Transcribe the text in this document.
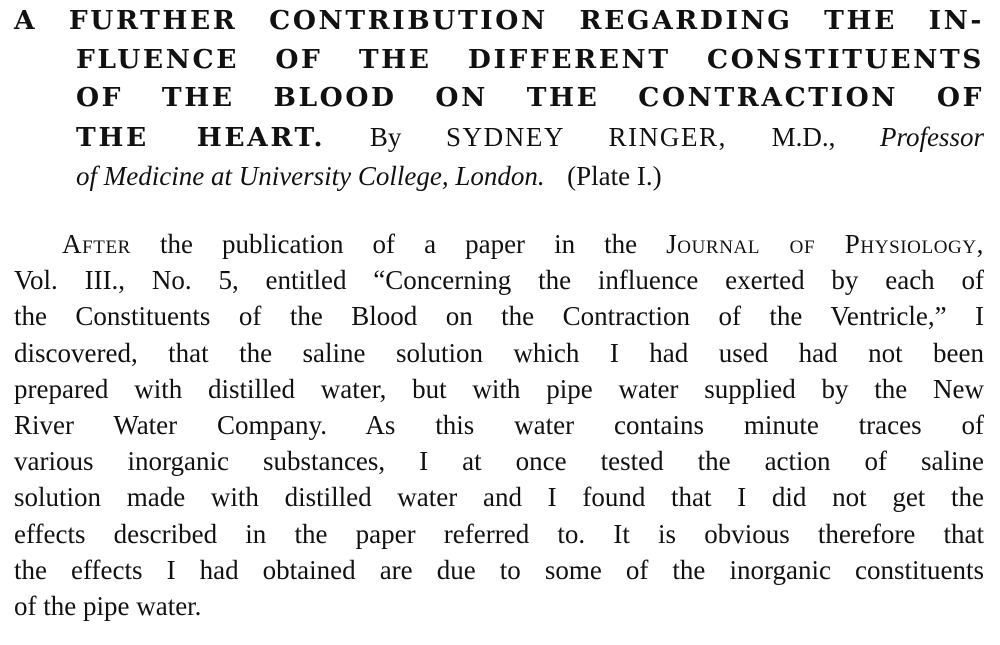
A FURTHER CONTRIBUTION REGARDING THE IN-
FLUENCE OF THE DIFFERENT CONSTITUENTS
OF THE BLOOD ON THE CONTRACTION OF
THE HEART. By SYDNEY RINGER, M.D., Professor
of Medicine at University College, London. (Plate I.)
After the publication of a paper in the Journal of Physiology,
Vol. III., No. 5, entitled “Concerning the influence exerted by each of
the Constituents of the Blood on the Contraction of the Ventricle,” I
discovered, that the saline solution which I had used had not been
prepared with distilled water, but with pipe water supplied by the New
River Water Company. As this water contains minute traces of
various inorganic substances, I at once tested the action of saline
solution made with distilled water and I found that I did not get the
effects described in the paper referred to. It is obvious therefore that
the effects I had obtained are due to some of the inorganic constituents
of the pipe water.
